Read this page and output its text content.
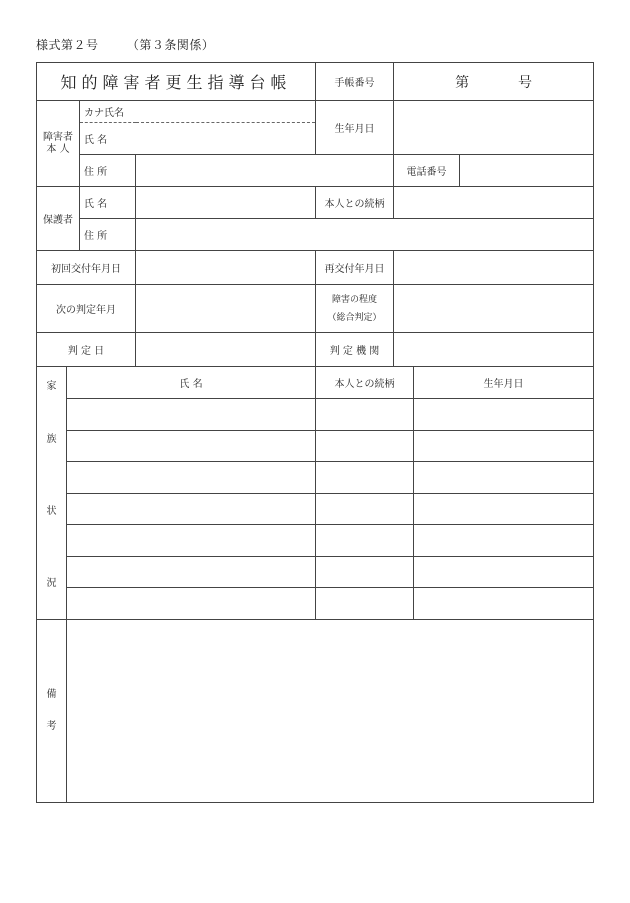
様式第２号 （第３条関係）
知的障害者更生指導台帳			手帳番号	第 号	
障害者
本 人	カナ氏名		生年月日		
	氏 名				
	住 所			電話番号	
保護者	氏 名		本人との続柄		
	住 所				
初回交付年月日			再交付年月日		
次の判定年月			障害の程度
（総合判定）		

判 定 日			判 定 機 関		
家
族
状
況	氏 名	本人との続柄	生年月日

備
考			
